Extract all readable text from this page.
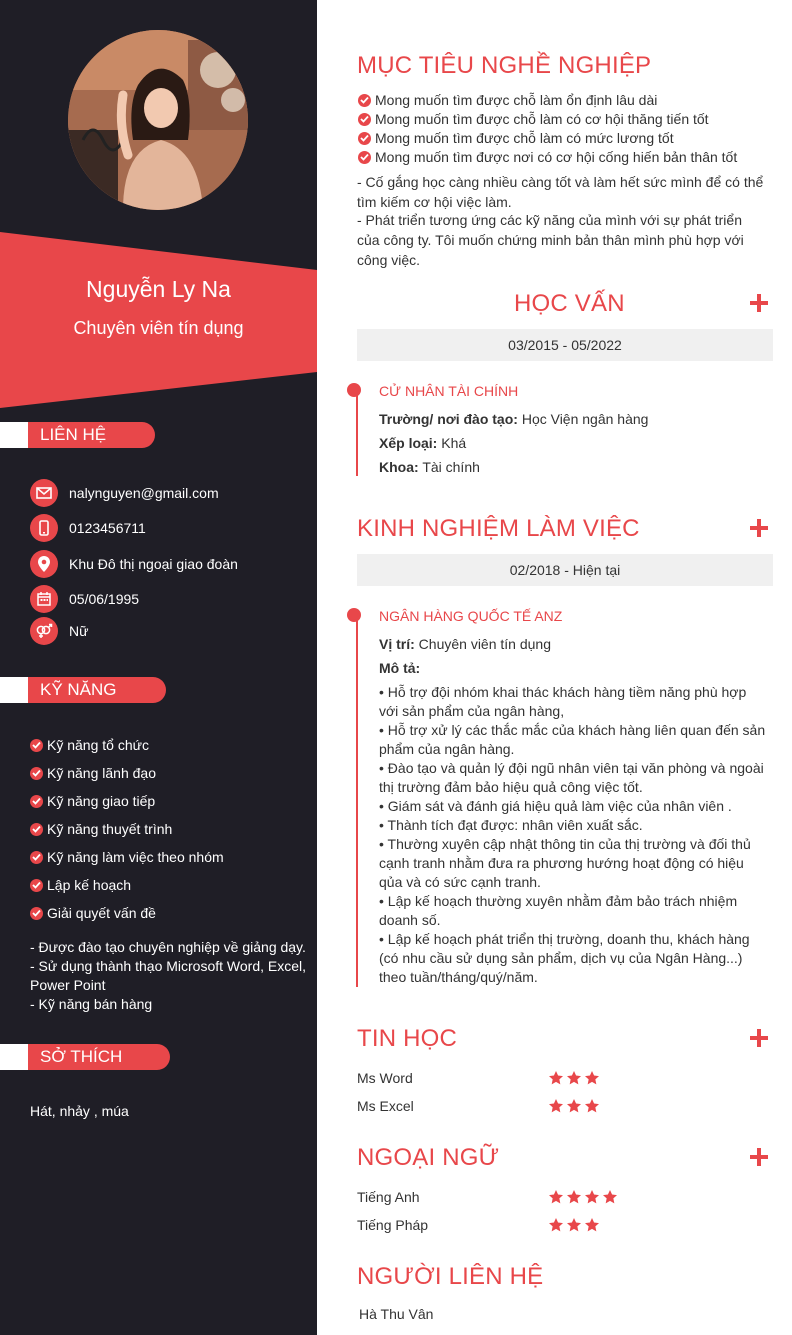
Nguyễn Ly Na
Chuyên viên tín dụng
LIÊN HỆ
nalynguyen@gmail.com
0123456711
Khu Đô thị ngoại giao đoàn
05/06/1995
Nữ
KỸ NĂNG
Kỹ năng tổ chức
Kỹ năng lãnh đạo
Kỹ năng giao tiếp
Kỹ năng thuyết trình
Kỹ năng làm việc theo nhóm
Lập kế hoạch
Giải quyết vấn đề
- Được đào tạo chuyên nghiệp về giảng dạy.
- Sử dụng thành thạo Microsoft Word, Excel, Power Point
- Kỹ năng bán hàng
SỞ THÍCH
Hát, nhảy , múa
MỤC TIÊU NGHỀ NGHIỆP
Mong muốn tìm được chỗ làm ổn định lâu dài
Mong muốn tìm được chỗ làm có cơ hội thăng tiến tốt
Mong muốn tìm được chỗ làm có mức lương tốt
Mong muốn tìm được nơi có cơ hội cống hiến bản thân tốt
- Cố gắng học càng nhiều càng tốt và làm hết sức mình để có thể tìm kiếm cơ hội việc làm.
- Phát triển tương ứng các kỹ năng của mình với sự phát triển của công ty. Tôi muốn chứng minh bản thân mình phù hợp với công việc.
HỌC VẤN
03/2015 - 05/2022
CỬ NHÂN TÀI CHÍNH
Trường/ nơi đào tạo: Học Viện ngân hàng
Xếp loại: Khá
Khoa: Tài chính
KINH NGHIỆM LÀM VIỆC
02/2018 - Hiện tại
NGÂN HÀNG QUỐC TẾ ANZ
Vị trí: Chuyên viên tín dụng
Mô tả:
• Hỗ trợ đội nhóm khai thác khách hàng tiềm năng phù hợp với sản phẩm của ngân hàng,
• Hỗ trợ xử lý các thắc mắc của khách hàng liên quan đến sản phẩm của ngân hàng.
• Đào tạo và quản lý đội ngũ nhân viên tại văn phòng và ngoài thị trường đảm bảo hiệu quả công việc tốt.
• Giám sát và đánh giá hiệu quả làm việc của nhân viên .
• Thành tích đạt được: nhân viên xuất sắc.
• Thường xuyên cập nhật thông tin của thị trường và đối thủ cạnh tranh nhằm đưa ra phương hướng hoạt động có hiệu qủa và có sức cạnh tranh.
• Lập kế hoạch thường xuyên nhằm đảm bảo trách nhiệm doanh số.
• Lập kế hoạch phát triển thị trường, doanh thu, khách hàng (có nhu cầu sử dụng sản phẩm, dịch vụ của Ngân Hàng...) theo tuần/tháng/quý/năm.
TIN HỌC
Ms Word
Ms Excel
NGOẠI NGỮ
Tiếng Anh
Tiếng Pháp
NGƯỜI LIÊN HỆ
Hà Thu Vân
